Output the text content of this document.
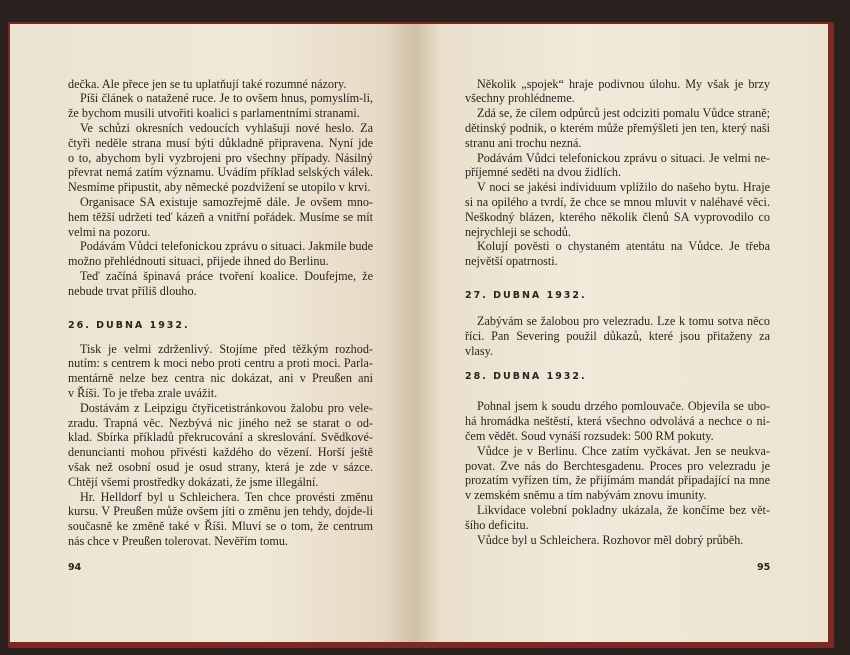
dečka. Ale přece jen se tu uplatňují také rozumné názory.
Píši článek o natažené ruce. Je to ovšem hnus, pomyslím-li,
že bychom musili utvořiti koalici s parlamentními stranami.
Ve schůzi okresních vedoucích vyhlašuji nové heslo. Za
čtyři neděle strana musí býti důkladně připravena. Nyní jde
o to, abychom byli vyzbrojeni pro všechny případy. Násilný
převrat nemá zatím významu. Uvádím příklad selských válek.
Nesmíme připustit, aby německé pozdvižení se utopilo v krvi.
Organisace SA existuje samozřejmě dále. Je ovšem mno-
hem těžší udržeti teď kázeň a vnitřní pořádek. Musíme se mít
velmi na pozoru.
Podávám Vůdci telefonickou zprávu o situaci. Jakmile bude
možno přehlédnouti situaci, přijede ihned do Berlinu.
Teď začíná špinavá práce tvoření koalice. Doufejme, že
nebude trvat příliš dlouho.
26. DUBNA 1932.
Tisk je velmi zdrženlivý. Stojíme před těžkým rozhod-
nutím: s centrem k moci nebo proti centru a proti moci. Parla-
mentárně nelze bez centra nic dokázat, ani v Preußen ani
v Říši. To je třeba zrale uvážit.
Dostávám z Leipzigu čtyřicetistránkovou žalobu pro vele-
zradu. Trapná věc. Nezbývá nic jiného než se starat o od-
klad. Sbírka příkladů překrucování a skreslování. Svědkové-
denuncianti mohou přivésti každého do vězení. Horší ještě
však než osobní osud je osud strany, která je zde v sázce.
Chtějí všemi prostředky dokázati, že jsme illegální.
Hr. Helldorf byl u Schleichera. Ten chce provésti změnu
kursu. V Preußen může ovšem jíti o změnu jen tehdy, dojde-li
současně ke změně také v Říši. Mluví se o tom, že centrum
nás chce v Preußen tolerovat. Nevěřím tomu.
94
Několik „spojek“ hraje podivnou úlohu. My však je brzy
všechny prohlédneme.
Zdá se, že cílem odpůrců jest odciziti pomalu Vůdce straně;
dětinský podnik, o kterém může přemýšleti jen ten, který naši
stranu ani trochu nezná.
Podávám Vůdci telefonickou zprávu o situaci. Je velmi ne-
příjemné seděti na dvou židlích.
V noci se jakési individuum vplížilo do našeho bytu. Hraje
si na opilého a tvrdí, že chce se mnou mluvit v naléhavé věci.
Neškodný blázen, kterého několik členů SA vyprovodilo co
nejrychleji se schodů.
Kolují pověsti o chystaném atentátu na Vůdce. Je třeba
největší opatrnosti.
27. DUBNA 1932.
Zabývám se žalobou pro velezradu. Lze k tomu sotva něco
říci. Pan Severing použil důkazů, které jsou přitaženy za
vlasy.
28. DUBNA 1932.
Pohnal jsem k soudu drzého pomlouvače. Objevila se ubo-
há hromádka neštěstí, která všechno odvolává a nechce o ni-
čem vědět. Soud vynáší rozsudek: 500 RM pokuty.
Vůdce je v Berlinu. Chce zatím vyčkávat. Jen se neukva-
povat. Zve nás do Berchtesgadenu. Proces pro velezradu je
prozatím vyřízen tím, že přijímám mandát připadající na mne
v zemském sněmu a tím nabývám znovu imunity.
Likvidace volební pokladny ukázala, že končíme bez vět-
šího deficitu.
Vůdce byl u Schleichera. Rozhovor měl dobrý průběh.
95
